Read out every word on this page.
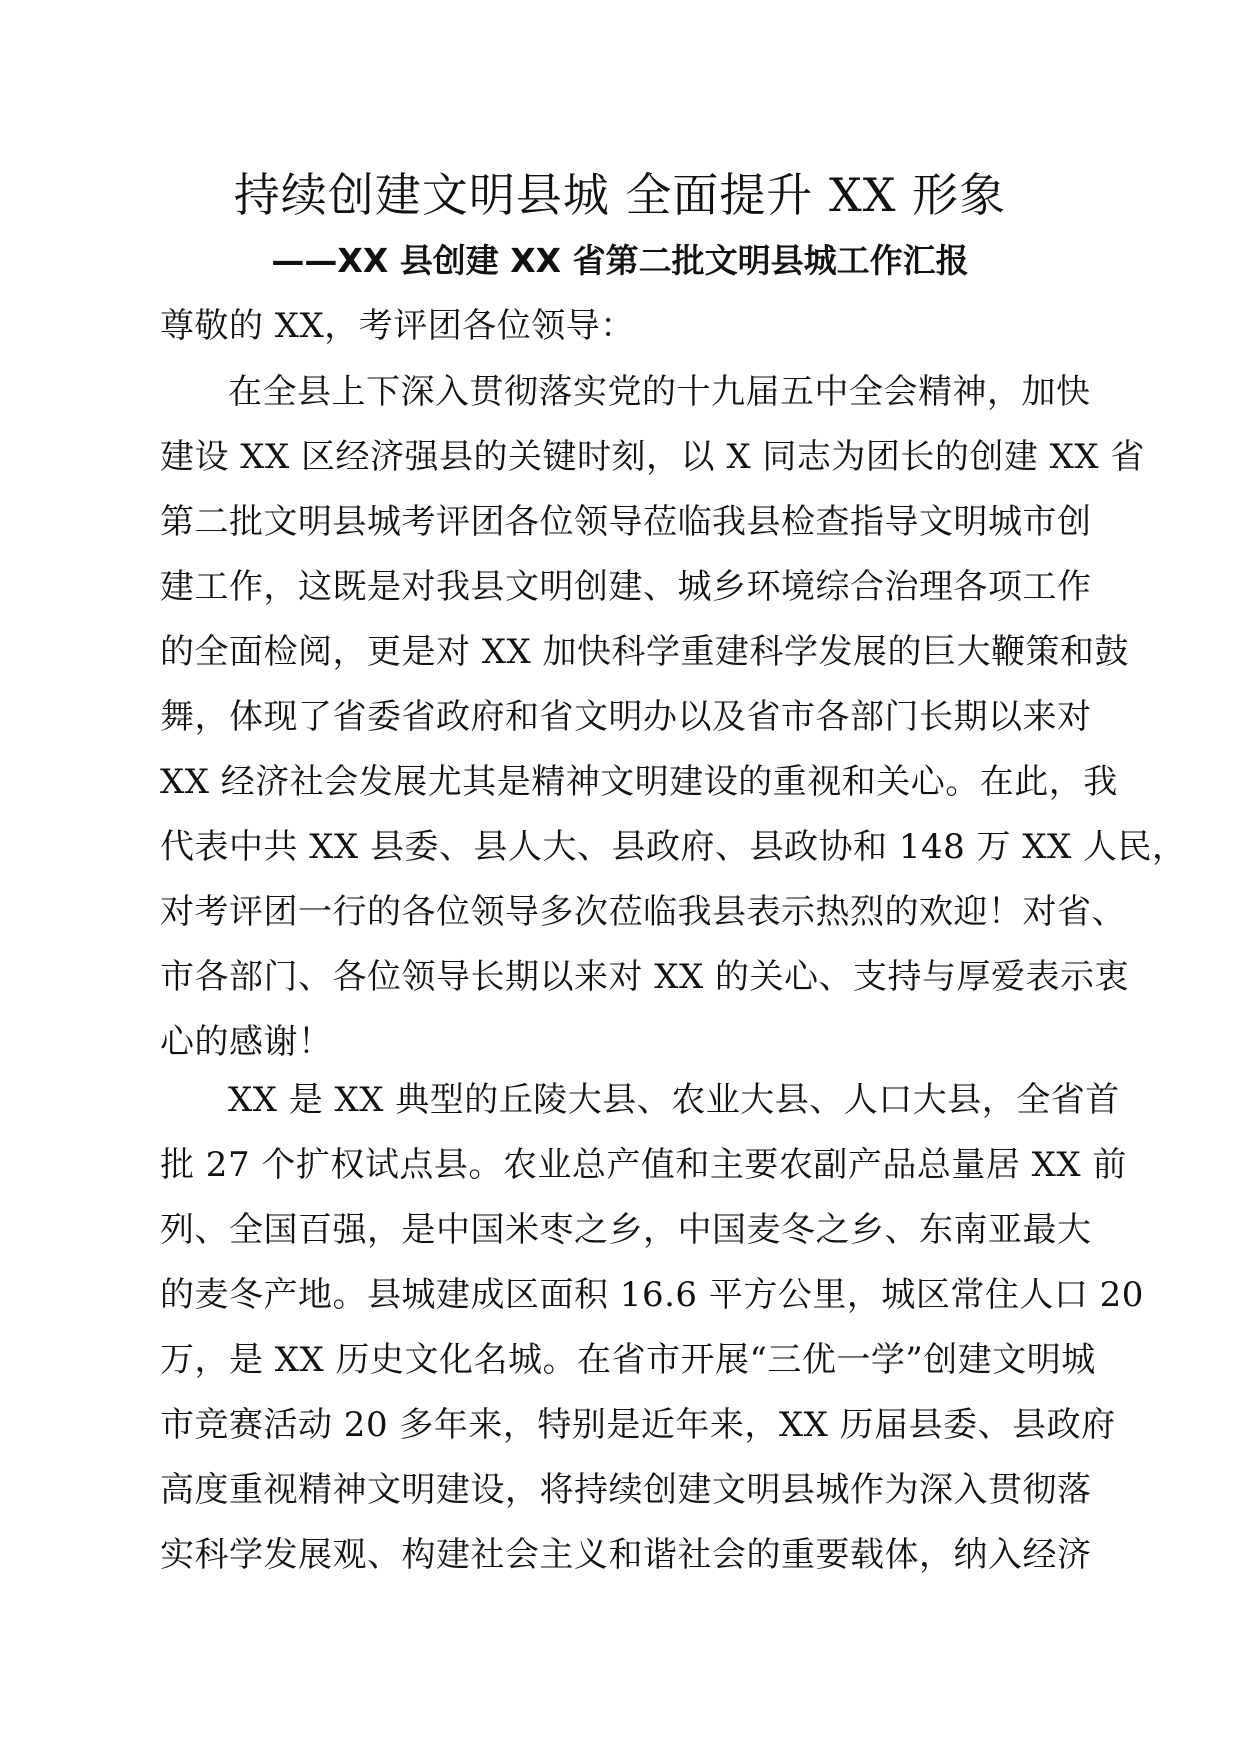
持续创建文明县城 全面提升 XX 形象
——XX 县创建 XX 省第二批文明县城工作汇报
尊敬的 XX，考评团各位领导：
在全县上下深入贯彻落实党的十九届五中全会精神，加快
建设 XX 区经济强县的关键时刻，以 X 同志为团长的创建 XX 省
第二批文明县城考评团各位领导莅临我县检查指导文明城市创
建工作，这既是对我县文明创建、城乡环境综合治理各项工作
的全面检阅，更是对 XX 加快科学重建科学发展的巨大鞭策和鼓
舞，体现了省委省政府和省文明办以及省市各部门长期以来对
XX 经济社会发展尤其是精神文明建设的重视和关心。在此，我
代表中共 XX 县委、县人大、县政府、县政协和 148 万 XX 人民，
对考评团一行的各位领导多次莅临我县表示热烈的欢迎！对省、
市各部门、各位领导长期以来对 XX 的关心、支持与厚爱表示衷
心的感谢！
XX 是 XX 典型的丘陵大县、农业大县、人口大县，全省首
批 27 个扩权试点县。农业总产值和主要农副产品总量居 XX 前
列、全国百强，是中国米枣之乡，中国麦冬之乡、东南亚最大
的麦冬产地。县城建成区面积 16.6 平方公里，城区常住人口 20
万，是 XX 历史文化名城。在省市开展“三优一学”创建文明城
市竞赛活动 20 多年来，特别是近年来，XX 历届县委、县政府
高度重视精神文明建设，将持续创建文明县城作为深入贯彻落
实科学发展观、构建社会主义和谐社会的重要载体，纳入经济
